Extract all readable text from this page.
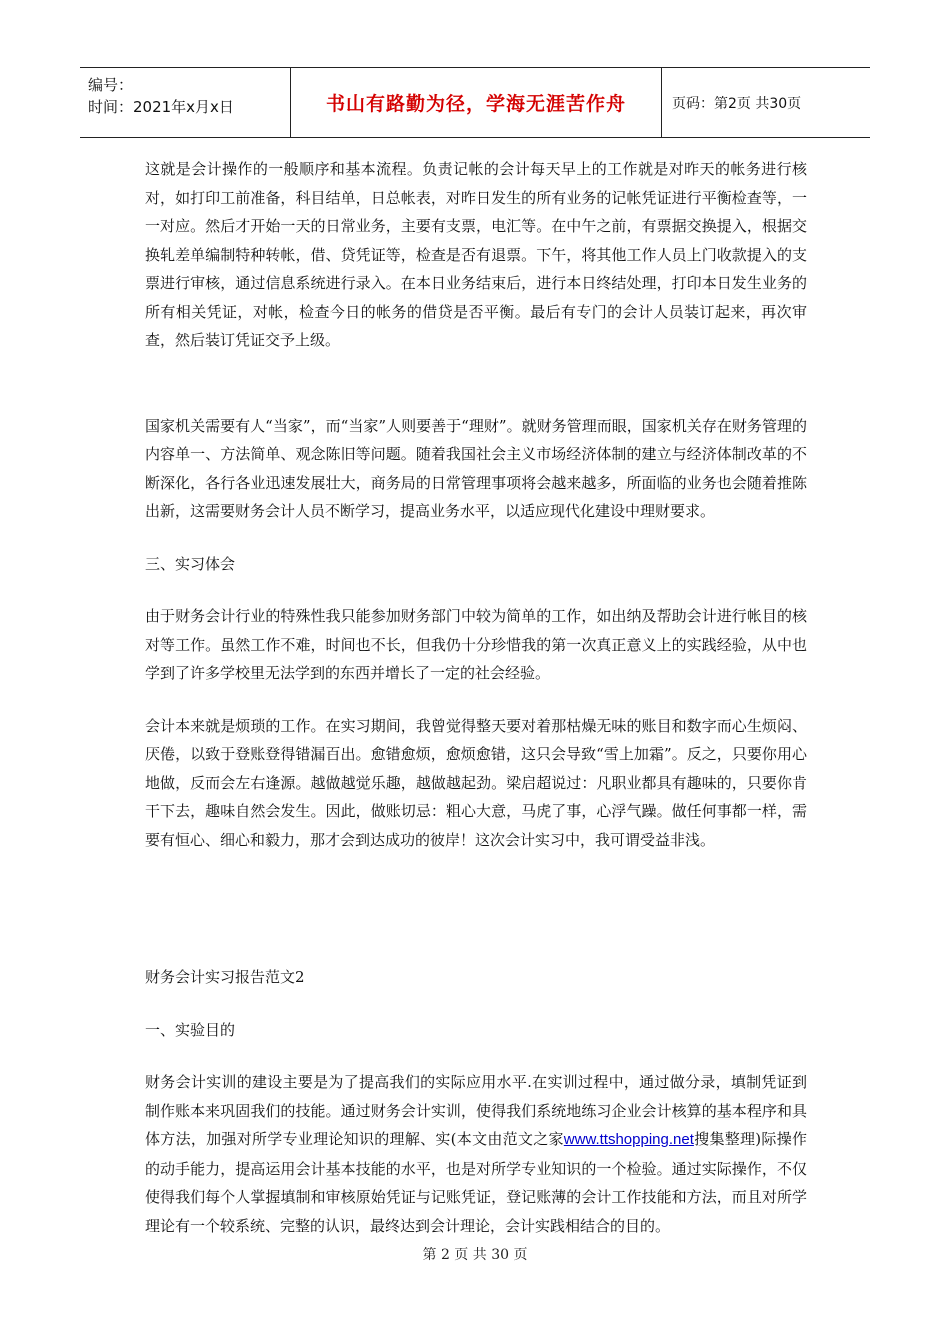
编号：
时间：2021年x月x日	书山有路勤为径，学海无涯苦作舟	页码：第2页 共30页

这就是会计操作的一般顺序和基本流程。负责记帐的会计每天早上的工作就是对昨天的帐务进行核对，如打印工前准备，科目结单，日总帐表，对昨日发生的所有业务的记帐凭证进行平衡检查等，一一对应。然后才开始一天的日常业务，主要有支票，电汇等。在中午之前，有票据交换提入，根据交换轧差单编制特种转帐，借、贷凭证等，检查是否有退票。下午，将其他工作人员上门收款提入的支票进行审核，通过信息系统进行录入。在本日业务结束后，进行本日终结处理，打印本日发生业务的所有相关凭证，对帐，检查今日的帐务的借贷是否平衡。最后有专门的会计人员装订起来，再次审查，然后装订凭证交予上级。

国家机关需要有人“当家”，而“当家”人则要善于“理财”。就财务管理而眼，国家机关存在财务管理的内容单一、方法简单、观念陈旧等问题。随着我国社会主义市场经济体制的建立与经济体制改革的不断深化，各行各业迅速发展壮大，商务局的日常管理事项将会越来越多，所面临的业务也会随着推陈出新，这需要财务会计人员不断学习，提高业务水平，以适应现代化建设中理财要求。

三、实习体会

由于财务会计行业的特殊性我只能参加财务部门中较为简单的工作，如出纳及帮助会计进行帐目的核对等工作。虽然工作不难，时间也不长，但我仍十分珍惜我的第一次真正意义上的实践经验，从中也学到了许多学校里无法学到的东西并增长了一定的社会经验。

会计本来就是烦琐的工作。在实习期间，我曾觉得整天要对着那枯燥无味的账目和数字而心生烦闷、厌倦，以致于登账登得错漏百出。愈错愈烦，愈烦愈错，这只会导致“雪上加霜”。反之，只要你用心地做，反而会左右逢源。越做越觉乐趣，越做越起劲。梁启超说过：凡职业都具有趣味的，只要你肯干下去，趣味自然会发生。因此，做账切忌：粗心大意，马虎了事，心浮气躁。做任何事都一样，需要有恒心、细心和毅力，那才会到达成功的彼岸！这次会计实习中，我可谓受益非浅。

财务会计实习报告范文2

一、实验目的

财务会计实训的建设主要是为了提高我们的实际应用水平.在实训过程中，通过做分录，填制凭证到制作账本来巩固我们的技能。通过财务会计实训，使得我们系统地练习企业会计核算的基本程序和具体方法，加强对所学专业理论知识的理解、实(本文由范文之家www.ttshopping.net搜集整理)际操作的动手能力，提高运用会计基本技能的水平，也是对所学专业知识的一个检验。通过实际操作，不仅使得我们每个人掌握填制和审核原始凭证与记账凭证，登记账薄的会计工作技能和方法，而且对所学理论有一个较系统、完整的认识，最终达到会计理论，会计实践相结合的目的。

第 2 页 共 30 页
